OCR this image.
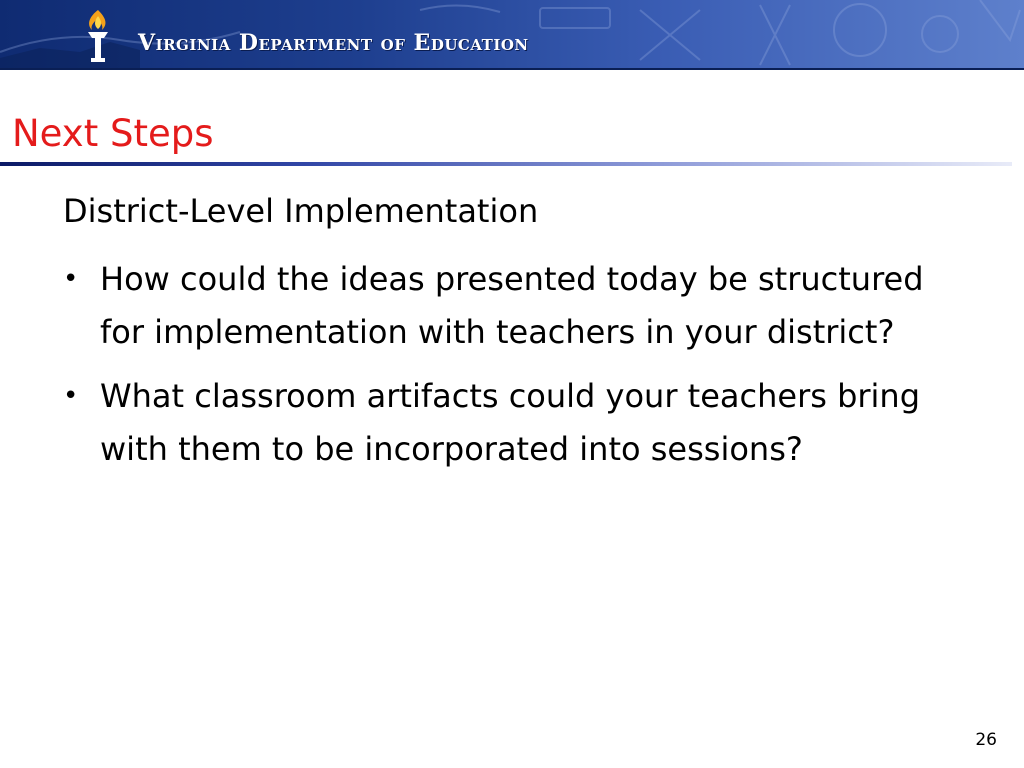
Virginia Department of Education
Next Steps
District-Level Implementation
• How could the ideas presented today be structured for implementation with teachers in your district?
• What classroom artifacts could your teachers bring with them to be incorporated into sessions?
26
